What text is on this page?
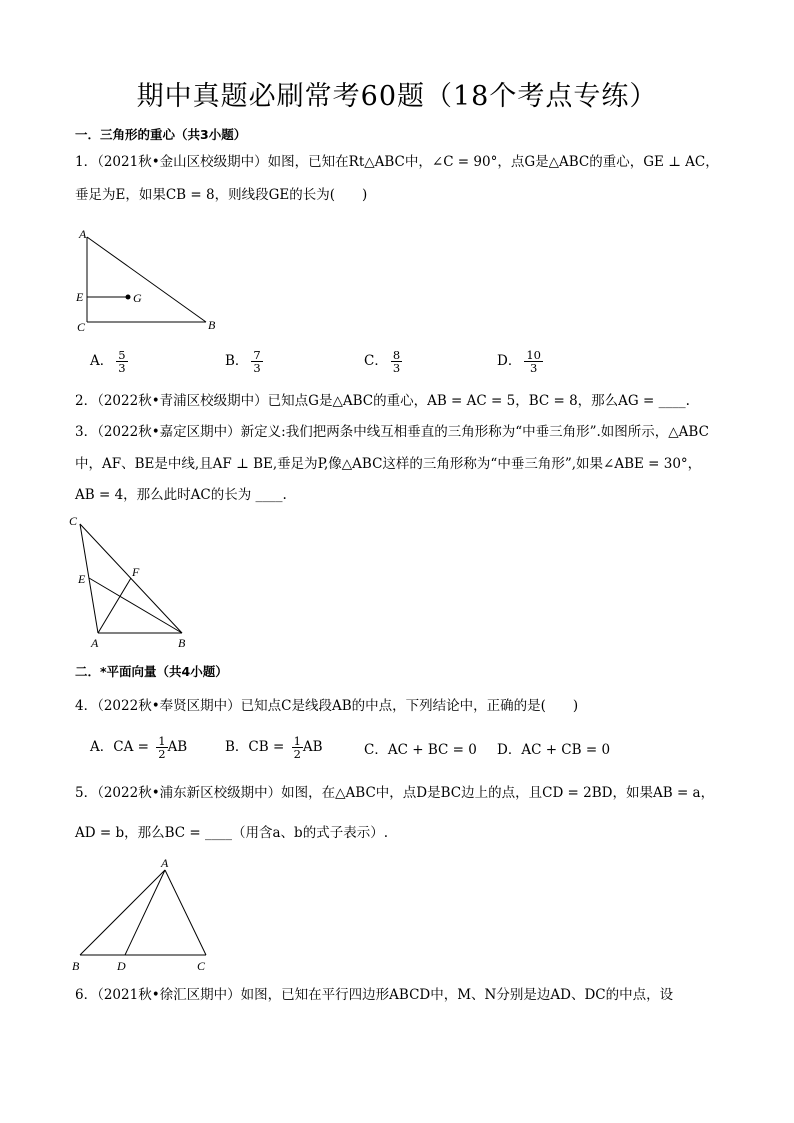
期中真题必刷常考60题（18个考点专练）
一．三角形的重心（共3小题）
1．（2021秋•金山区校级期中）如图，已知在Rt△ABC中，∠C = 90°，点G是△ABC的重心，GE ⊥ AC，
垂足为E，如果CB = 8，则线段GE的长为(　　)
A
E	G
C	B
A． $\frac{5}{3}$	B． $\frac{7}{3}$	C． $\frac{8}{3}$	D． $\frac{10}{3}$
2．（2022秋•青浦区校级期中）已知点G是△ABC的重心，AB = AC = 5，BC = 8，那么AG = ____.
3．（2022秋•嘉定区期中）新定义:我们把两条中线互相垂直的三角形称为“中垂三角形”.如图所示，△ABC
中，AF、BE是中线,且AF ⊥ BE,垂足为P,像△ABC这样的三角形称为“中垂三角形”,如果∠ABE = 30°，
AB = 4，那么此时AC的长为 ____.
C
E	F
A	B
二．*平面向量（共4小题）
4．（2022秋•奉贤区期中）已知点C是线段AB的中点，下列结论中，正确的是(　　)
A．CA = $\frac{1}{2}$ AB	B．CB = $\frac{1}{2}$ AB	C．AC + BC = 0 D．AC + CB = 0
5．（2022秋•浦东新区校级期中）如图，在△ABC中，点D是BC边上的点，且CD = 2BD，如果AB = a，
AD = b，那么BC = ____（用含a、b的式子表示）.
A
B	D	C
6．（2021秋•徐汇区期中）如图，已知在平行四边形ABCD中，M、N分别是边AD、DC的中点，设
